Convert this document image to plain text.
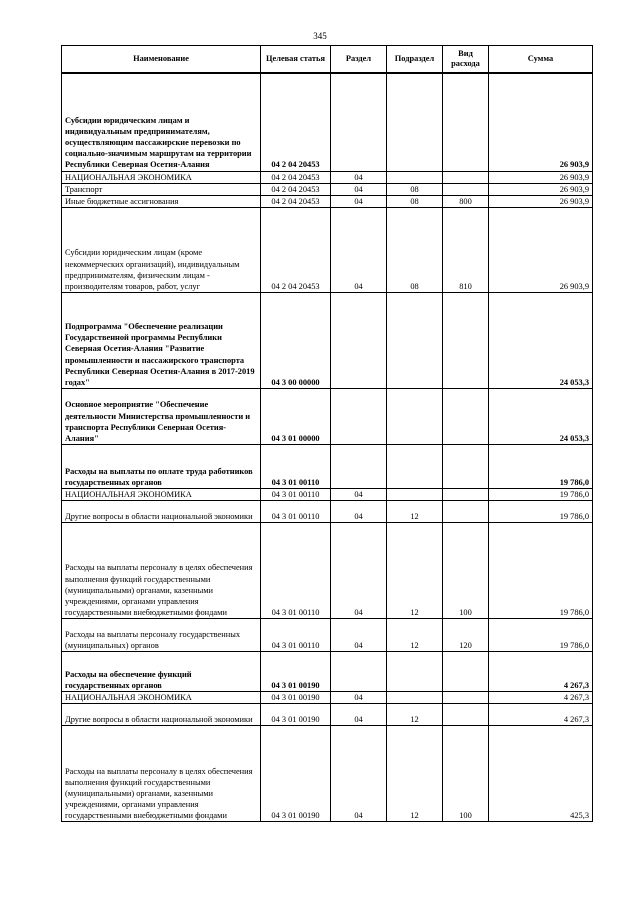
345
Наименование	Целевая статья	Раздел	Подраздел	Вид расхода	Сумма
Субсидии юридическим лицам и индивидуальным предпринимателям, осуществляющим пассажирские перевозки по социально-значимым маршрутам на территории Республики Северная Осетия-Алания	04 2 04 20453				26 903,9
НАЦИОНАЛЬНАЯ ЭКОНОМИКА	04 2 04 20453	04			26 903,9
Транспорт	04 2 04 20453	04	08		26 903,9
Иные бюджетные ассигнования	04 2 04 20453	04	08	800	26 903,9
Субсидии юридическим лицам (кроме некоммерческих организаций), индивидуальным предпринимателям, физическим лицам - производителям товаров, работ, услуг	04 2 04 20453	04	08	810	26 903,9
Подпрограмма "Обеспечение реализации Государственной программы Республики Северная Осетия-Алания "Развитие промышленности и пассажирского транспорта Республики Северная Осетия-Алания в 2017-2019 годах"	04 3 00 00000				24 053,3
Основное мероприятие "Обеспечение деятельности Министерства промышленности и транспорта Республики Северная Осетия-Алания"	04 3 01 00000				24 053,3
Расходы на выплаты по оплате труда работников государственных органов	04 3 01 00110				19 786,0
НАЦИОНАЛЬНАЯ ЭКОНОМИКА	04 3 01 00110	04			19 786,0
Другие вопросы в области национальной экономики	04 3 01 00110	04	12		19 786,0
Расходы на выплаты персоналу в целях обеспечения выполнения функций государственными (муниципальными) органами, казенными учреждениями, органами управления государственными внебюджетными фондами	04 3 01 00110	04	12	100	19 786,0
Расходы на выплаты персоналу государственных (муниципальных) органов	04 3 01 00110	04	12	120	19 786,0
Расходы на обеспечение функций государственных органов	04 3 01 00190				4 267,3
НАЦИОНАЛЬНАЯ ЭКОНОМИКА	04 3 01 00190	04			4 267,3
Другие вопросы в области национальной экономики	04 3 01 00190	04	12		4 267,3
Расходы на выплаты персоналу в целях обеспечения выполнения функций государственными (муниципальными) органами, казенными учреждениями, органами управления государственными внебюджетными фондами	04 3 01 00190	04	12	100	425,3
